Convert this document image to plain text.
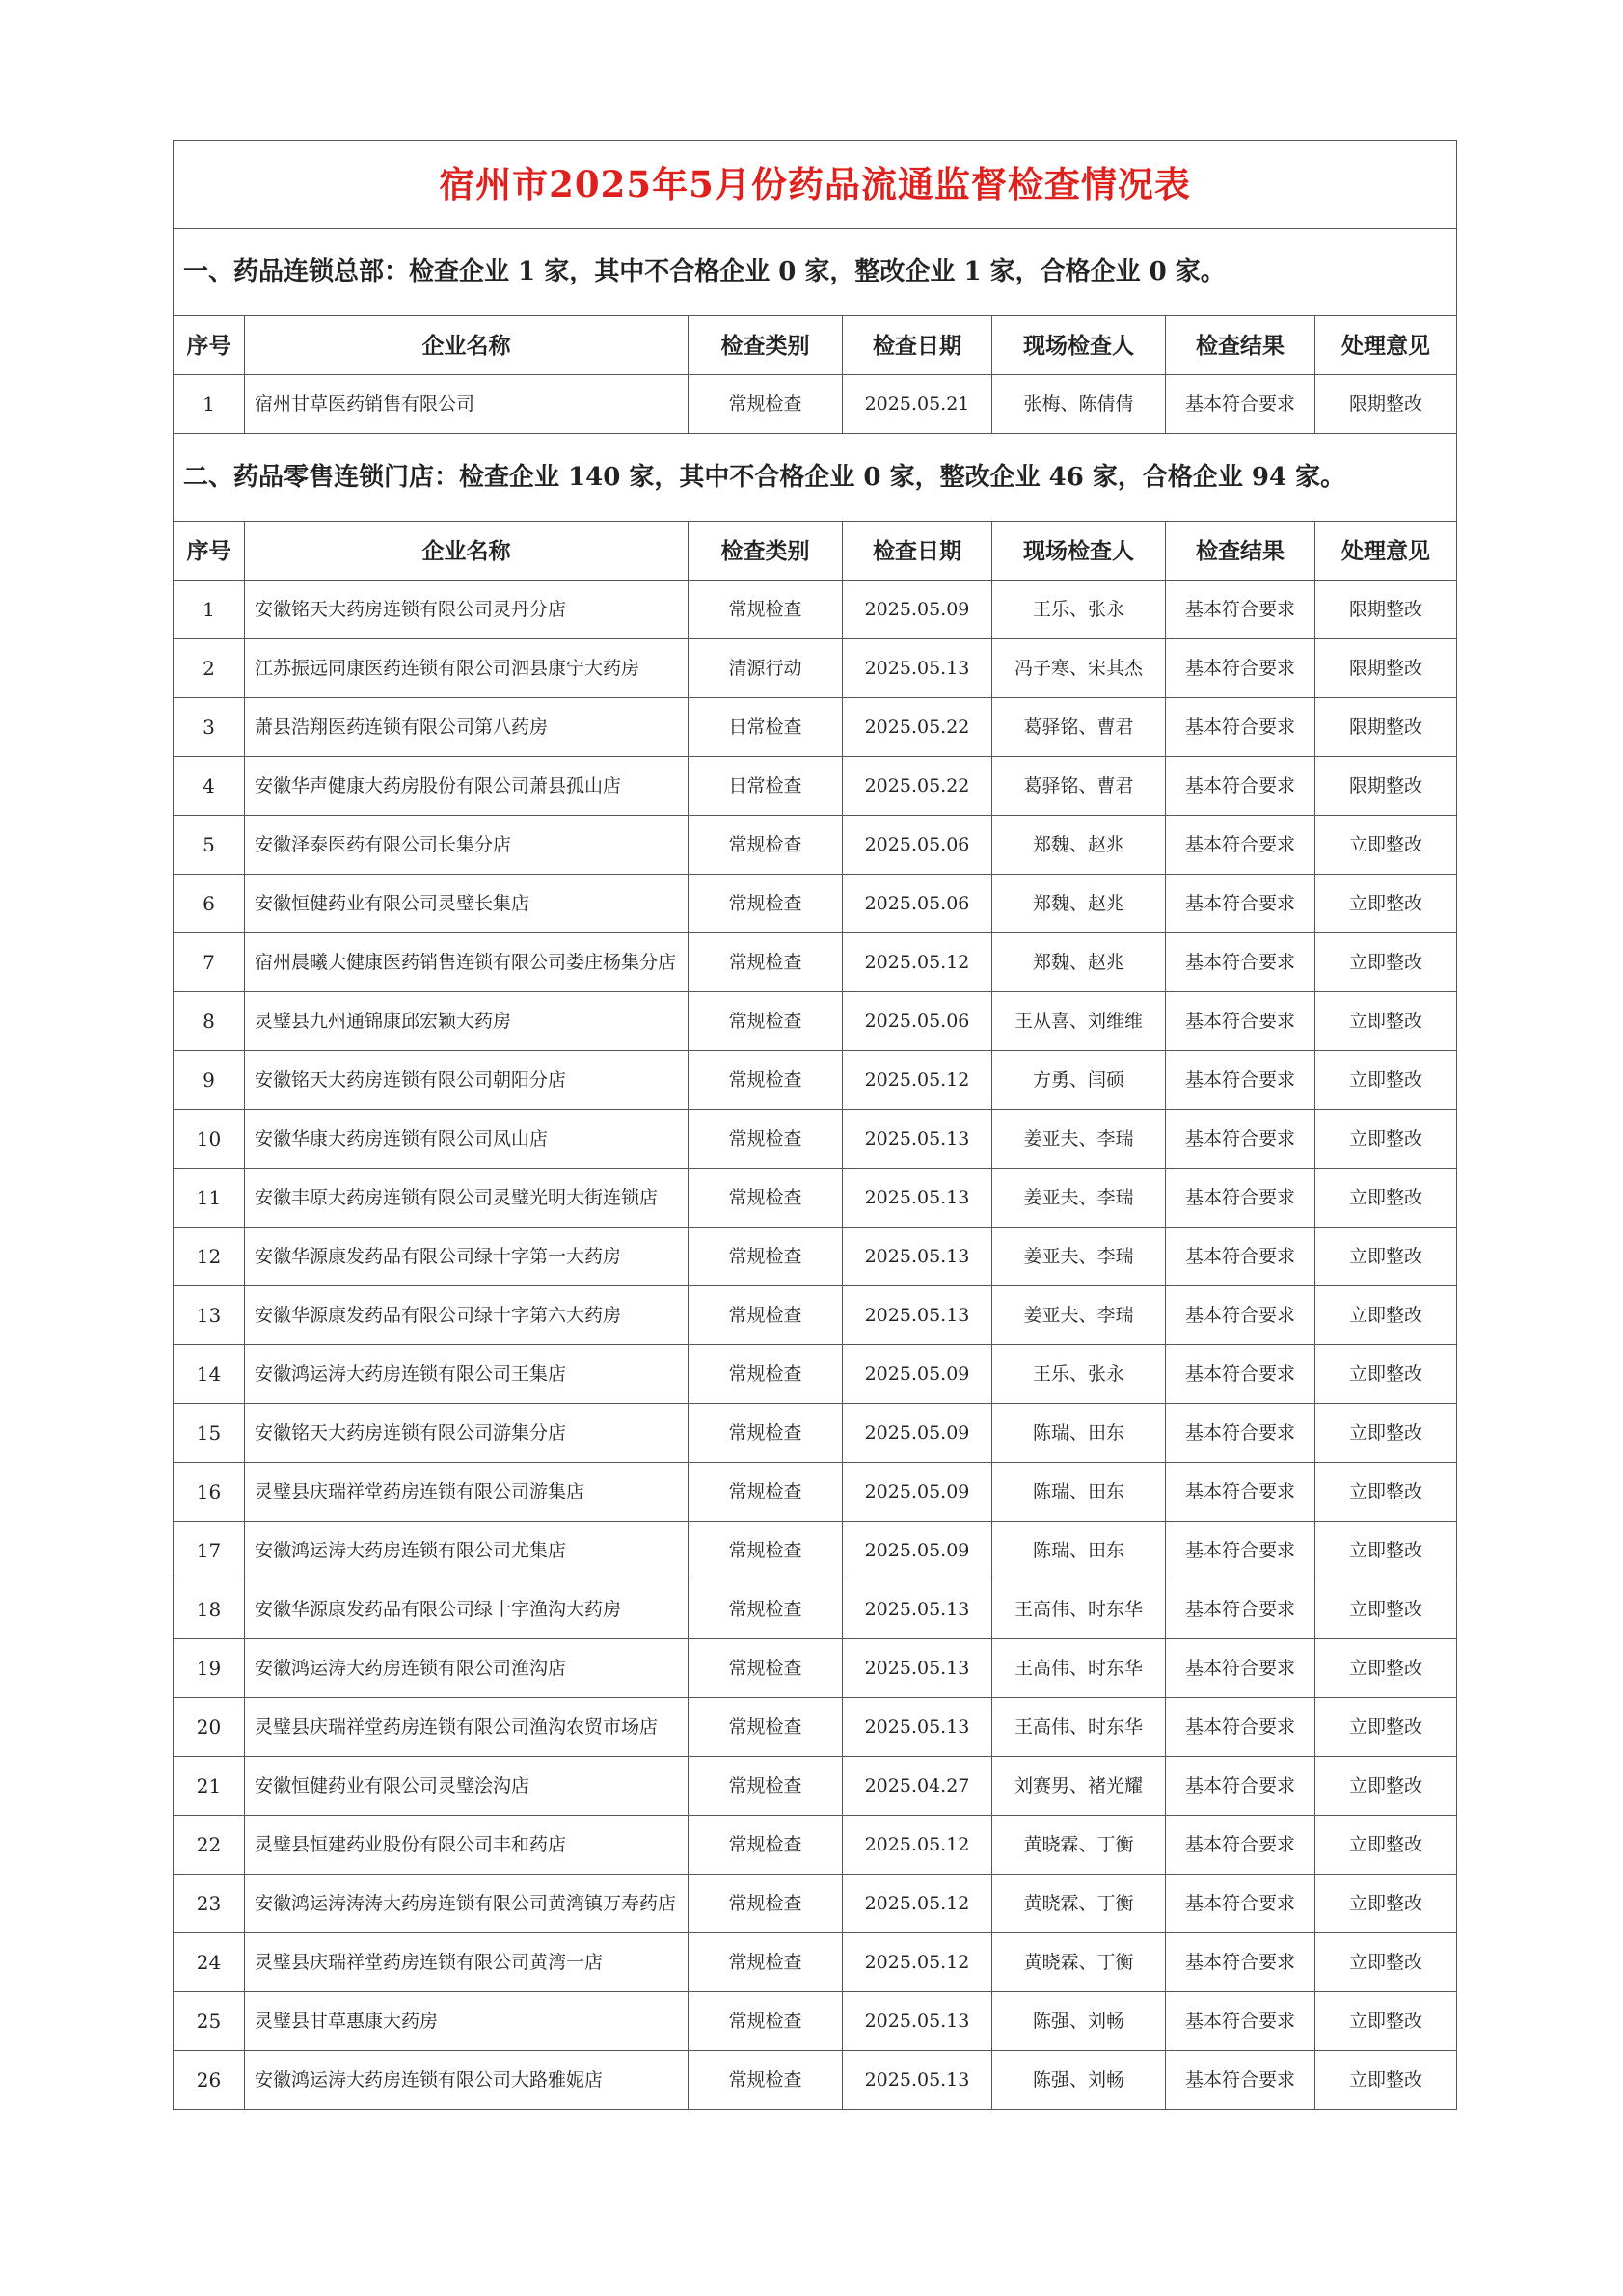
宿州市2025年5月份药品流通监督检查情况表						
一、药品连锁总部：检查企业 1 家，其中不合格企业 0 家，整改企业 1 家，合格企业 0 家。						
序号	企业名称	检查类别	检查日期	现场检查人	检查结果	处理意见
1	宿州甘草医药销售有限公司	常规检查	2025.05.21	张梅、陈倩倩	基本符合要求	限期整改
二、药品零售连锁门店：检查企业 140 家，其中不合格企业 0 家，整改企业 46 家，合格企业 94 家。						
序号	企业名称	检查类别	检查日期	现场检查人	检查结果	处理意见
1	安徽铭天大药房连锁有限公司灵丹分店	常规检查	2025.05.09	王乐、张永	基本符合要求	限期整改
2	江苏振远同康医药连锁有限公司泗县康宁大药房	清源行动	2025.05.13	冯子寒、宋其杰	基本符合要求	限期整改
3	萧县浩翔医药连锁有限公司第八药房	日常检查	2025.05.22	葛驿铭、曹君	基本符合要求	限期整改
4	安徽华声健康大药房股份有限公司萧县孤山店	日常检查	2025.05.22	葛驿铭、曹君	基本符合要求	限期整改
5	安徽泽泰医药有限公司长集分店	常规检查	2025.05.06	郑魏、赵兆	基本符合要求	立即整改
6	安徽恒健药业有限公司灵璧长集店	常规检查	2025.05.06	郑魏、赵兆	基本符合要求	立即整改
7	宿州晨曦大健康医药销售连锁有限公司娄庄杨集分店	常规检查	2025.05.12	郑魏、赵兆	基本符合要求	立即整改
8	灵璧县九州通锦康邱宏颖大药房	常规检查	2025.05.06	王从喜、刘维维	基本符合要求	立即整改
9	安徽铭天大药房连锁有限公司朝阳分店	常规检查	2025.05.12	方勇、闫硕	基本符合要求	立即整改
10	安徽华康大药房连锁有限公司凤山店	常规检查	2025.05.13	姜亚夫、李瑞	基本符合要求	立即整改
11	安徽丰原大药房连锁有限公司灵璧光明大街连锁店	常规检查	2025.05.13	姜亚夫、李瑞	基本符合要求	立即整改
12	安徽华源康发药品有限公司绿十字第一大药房	常规检查	2025.05.13	姜亚夫、李瑞	基本符合要求	立即整改
13	安徽华源康发药品有限公司绿十字第六大药房	常规检查	2025.05.13	姜亚夫、李瑞	基本符合要求	立即整改
14	安徽鸿运涛大药房连锁有限公司王集店	常规检查	2025.05.09	王乐、张永	基本符合要求	立即整改
15	安徽铭天大药房连锁有限公司游集分店	常规检查	2025.05.09	陈瑞、田东	基本符合要求	立即整改
16	灵璧县庆瑞祥堂药房连锁有限公司游集店	常规检查	2025.05.09	陈瑞、田东	基本符合要求	立即整改
17	安徽鸿运涛大药房连锁有限公司尤集店	常规检查	2025.05.09	陈瑞、田东	基本符合要求	立即整改
18	安徽华源康发药品有限公司绿十字渔沟大药房	常规检查	2025.05.13	王高伟、时东华	基本符合要求	立即整改
19	安徽鸿运涛大药房连锁有限公司渔沟店	常规检查	2025.05.13	王高伟、时东华	基本符合要求	立即整改
20	灵璧县庆瑞祥堂药房连锁有限公司渔沟农贸市场店	常规检查	2025.05.13	王高伟、时东华	基本符合要求	立即整改
21	安徽恒健药业有限公司灵璧浍沟店	常规检查	2025.04.27	刘赛男、褚光耀	基本符合要求	立即整改
22	灵璧县恒建药业股份有限公司丰和药店	常规检查	2025.05.12	黄晓霖、丁衡	基本符合要求	立即整改
23	安徽鸿运涛涛涛大药房连锁有限公司黄湾镇万寿药店	常规检查	2025.05.12	黄晓霖、丁衡	基本符合要求	立即整改
24	灵璧县庆瑞祥堂药房连锁有限公司黄湾一店	常规检查	2025.05.12	黄晓霖、丁衡	基本符合要求	立即整改
25	灵璧县甘草惠康大药房	常规检查	2025.05.13	陈强、刘畅	基本符合要求	立即整改
26	安徽鸿运涛大药房连锁有限公司大路雅妮店	常规检查	2025.05.13	陈强、刘畅	基本符合要求	立即整改
